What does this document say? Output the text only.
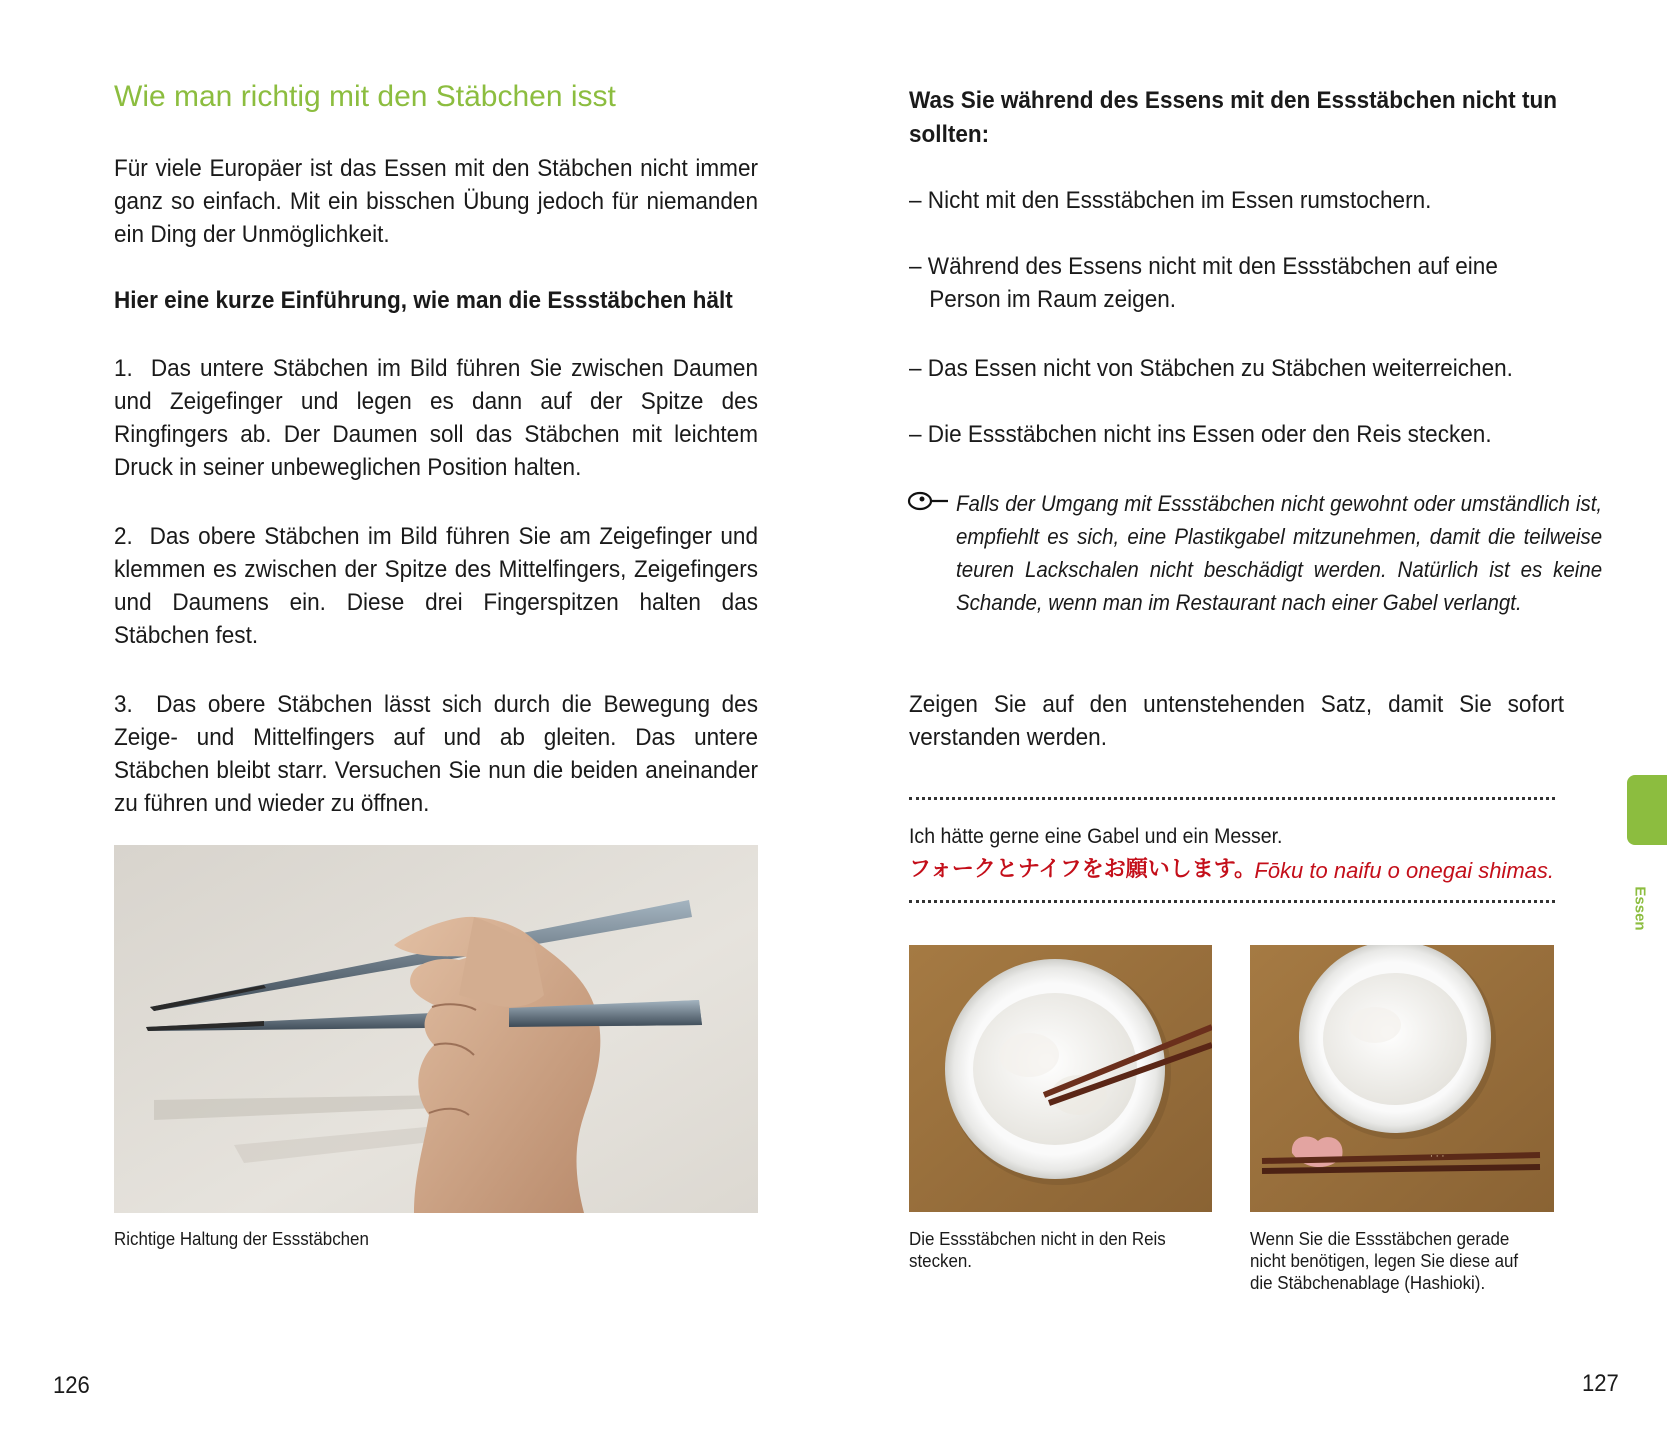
Wie man richtig mit den Stäbchen isst
Für viele Europäer ist das Essen mit den Stäbchen nicht immer ganz so einfach. Mit ein bisschen Übung jedoch für niemanden ein Ding der Unmöglichkeit.
Hier eine kurze Einführung, wie man die Essstäbchen hält
1.  Das untere Stäbchen im Bild führen Sie zwischen Daumen und Zeigefinger und legen es dann auf der Spitze des Ringfingers ab. Der Daumen soll das Stäbchen mit leichtem Druck in seiner unbeweglichen Position halten.
2.  Das obere Stäbchen im Bild führen Sie am Zeigefinger und klemmen es zwischen der Spitze des Mittelfingers, Zeigefingers und Daumens ein. Diese drei Fingerspitzen halten das Stäbchen fest.
3.  Das obere Stäbchen lässt sich durch die Bewegung des Zeige- und Mittelfingers auf und ab gleiten. Das untere Stäbchen bleibt starr. Versuchen Sie nun die beiden aneinander zu führen und wieder zu öffnen.
Richtige Haltung der Essstäbchen
126
Was Sie während des Essens mit den Essstäbchen nicht tun sollten:
– Nicht mit den Essstäbchen im Essen rumstochern.
– Während des Essens nicht mit den Essstäbchen auf eine Person im Raum zeigen.
– Das Essen nicht von Stäbchen zu Stäbchen weiterreichen.
– Die Essstäbchen nicht ins Essen oder den Reis stecken.
Falls der Umgang mit Essstäbchen nicht gewohnt oder umständlich ist, empfiehlt es sich, eine Plastikgabel mitzunehmen, damit die teilweise teuren Lackschalen nicht beschädigt werden. Natürlich ist es keine Schande, wenn man im Restaurant nach einer Gabel verlangt.
Zeigen Sie auf den untenstehenden Satz, damit Sie sofort verstanden werden.
Ich hätte gerne eine Gabel und ein Messer.
フォークとナイフをお願いします。
Fōku to naifu o onegai shimas.
· · ·
Die Essstäbchen nicht in den Reis stecken.
Wenn Sie die Essstäbchen gerade nicht benötigen, legen Sie diese auf die Stäbchenablage (Hashioki).
127
Essen
